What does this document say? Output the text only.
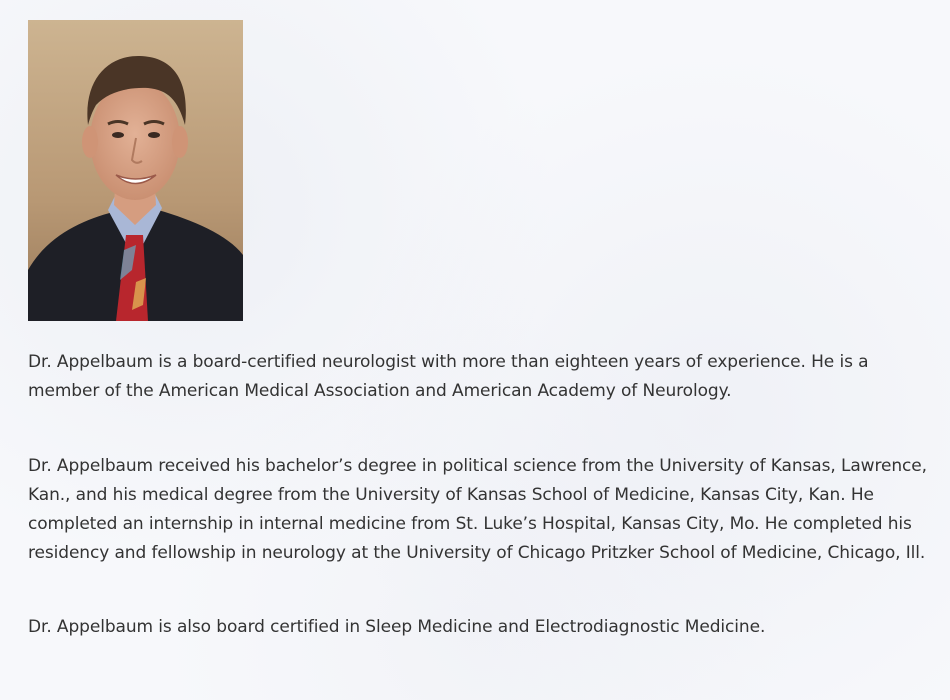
Dr. Appelbaum is a board-certified neurologist with more than eighteen years of experience. He is a member of the American Medical Association and American Academy of Neurology.

Dr. Appelbaum received his bachelor’s degree in political science from the University of Kansas, Lawrence, Kan., and his medical degree from the University of Kansas School of Medicine, Kansas City, Kan. He completed an internship in internal medicine from St. Luke’s Hospital, Kansas City, Mo. He completed his residency and fellowship in neurology at the University of Chicago Pritzker School of Medicine, Chicago, Ill.

Dr. Appelbaum is also board certified in Sleep Medicine and Electrodiagnostic Medicine.
